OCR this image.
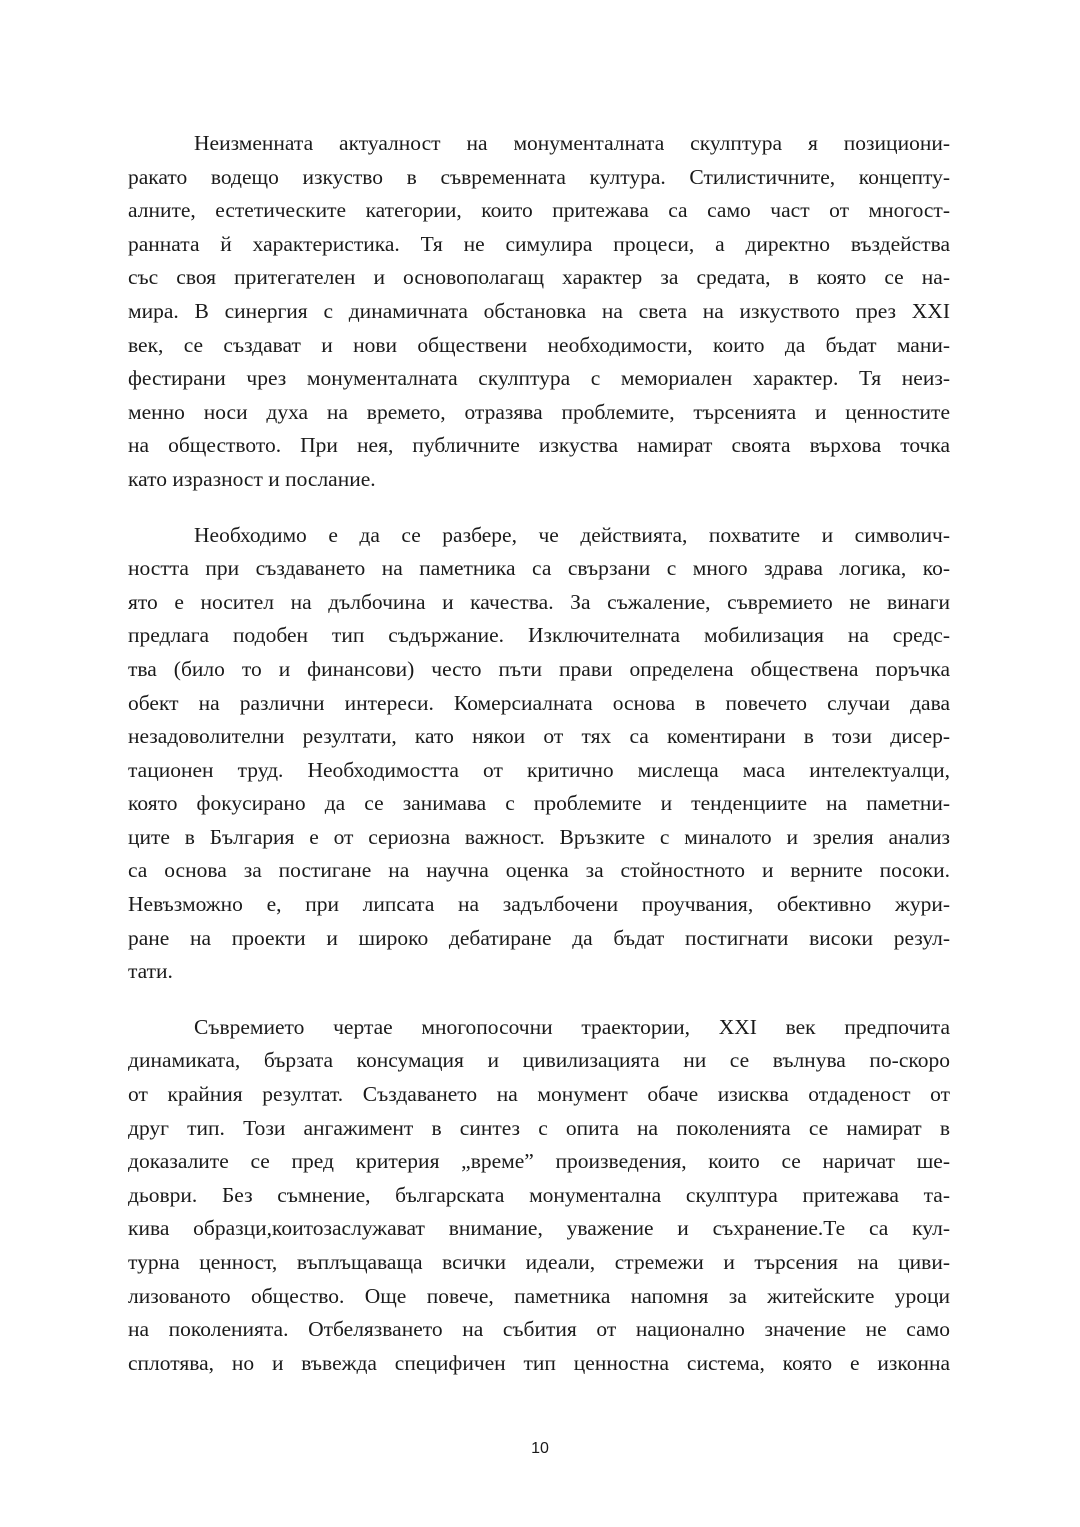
Неизменната актуалност на монументалната скулптура я позициони-
ракато водещо изкуство в съвременната култура. Стилистичните, концепту-
алните, естетическите категории, които притежава са само част от многост-
ранната й характеристика. Тя не симулира процеси, а директно въздейства
със своя притегателен и основополагащ характер за средата, в която се на-
мира. В синергия с динамичната обстановка на света на изкуството през XXI
век, се създават и нови обществени необходимости, които да бъдат мани-
фестирани чрез монументалната скулптура с мемориален характер. Тя неиз-
менно носи духа на времето, отразява проблемите, търсенията и ценностите
на обществото. При нея, публичните изкуства намират своята върхова точка
като изразност и послание.

Необходимо е да се разбере, че действията, похватите и символич-
ността при създаването на паметника са свързани с много здрава логика, ко-
ято е носител на дълбочина и качества. За съжаление, съвремието не винаги
предлага подобен тип съдържание. Изключителната мобилизация на средс-
тва (било то и финансови) често пъти прави определена обществена поръчка
обект на различни интереси. Комерсиалната основа в повечето случаи дава
незадоволителни резултати, като някои от тях са коментирани в този дисер-
тационен труд. Необходимостта от критично мислеща маса интелектуалци,
която фокусирано да се занимава с проблемите и тенденциите на паметни-
ците в България е от сериозна важност. Връзките с миналото и зрелия анализ
са основа за постигане на научна оценка за стойностното и верните посоки.
Невъзможно е, при липсата на задълбочени проучвания, обективно жури-
ране на проекти и широко дебатиране да бъдат постигнати високи резул-
тати.

Съвремието чертае многопосочни траектории, XXI век предпочита
динамиката, бързата консумация и цивилизацията ни се вълнува по-скоро
от крайния резултат. Създаването на монумент обаче изисква отдаденост от
друг тип. Този ангажимент в синтез с опита на поколенията се намират в
доказалите се пред критерия „време” произведения, които се наричат ше-
дьоври. Без съмнение, българската монументална скулптура притежава та-
кива образци,коитозаслужават внимание, уважение и съхранение.Те са кул-
турна ценност, въплъщаваща всички идеали, стремежи и търсения на циви-
лизованото общество. Още повече, паметника напомня за житейските уроци
на поколенията. Отбелязването на събития от национално значение не само
сплотява, но и въвежда специфичен тип ценностна система, която е изконна

10
